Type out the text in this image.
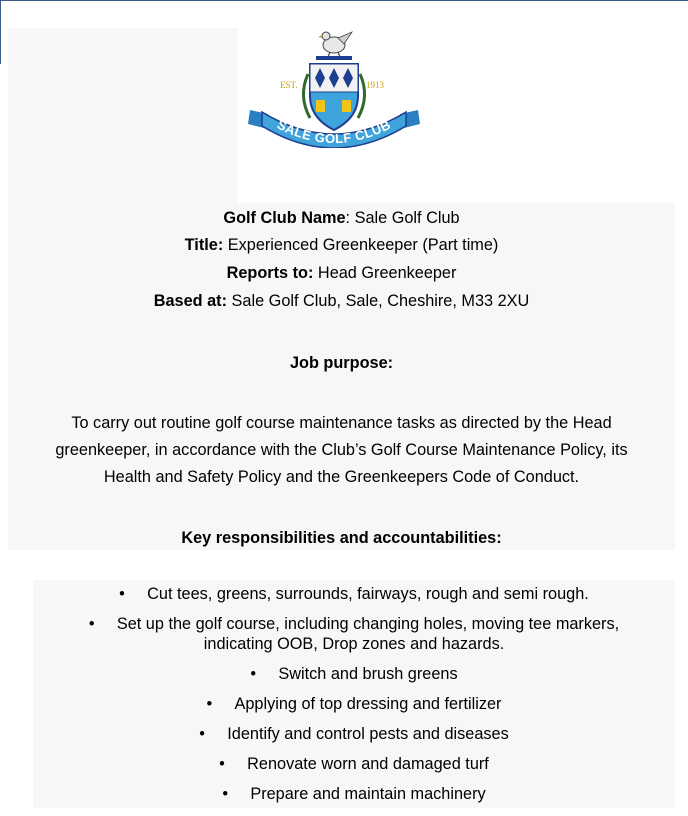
EST.	1913
SALE GOLF CLUB
Golf Club Name: Sale Golf Club
Title: Experienced Greenkeeper (Part time)
Reports to: Head Greenkeeper
Based at: Sale Golf Club, Sale, Cheshire, M33 2XU
Job purpose:
To carry out routine golf course maintenance tasks as directed by the Head
greenkeeper, in accordance with the Club’s Golf Course Maintenance Policy, its
Health and Safety Policy and the Greenkeepers Code of Conduct.
Key responsibilities and accountabilities:
• Cut tees, greens, surrounds, fairways, rough and semi rough.
• Set up the golf course, including changing holes, moving tee markers,
indicating OOB, Drop zones and hazards.
• Switch and brush greens
• Applying of top dressing and fertilizer
• Identify and control pests and diseases
• Renovate worn and damaged turf
• Prepare and maintain machinery
